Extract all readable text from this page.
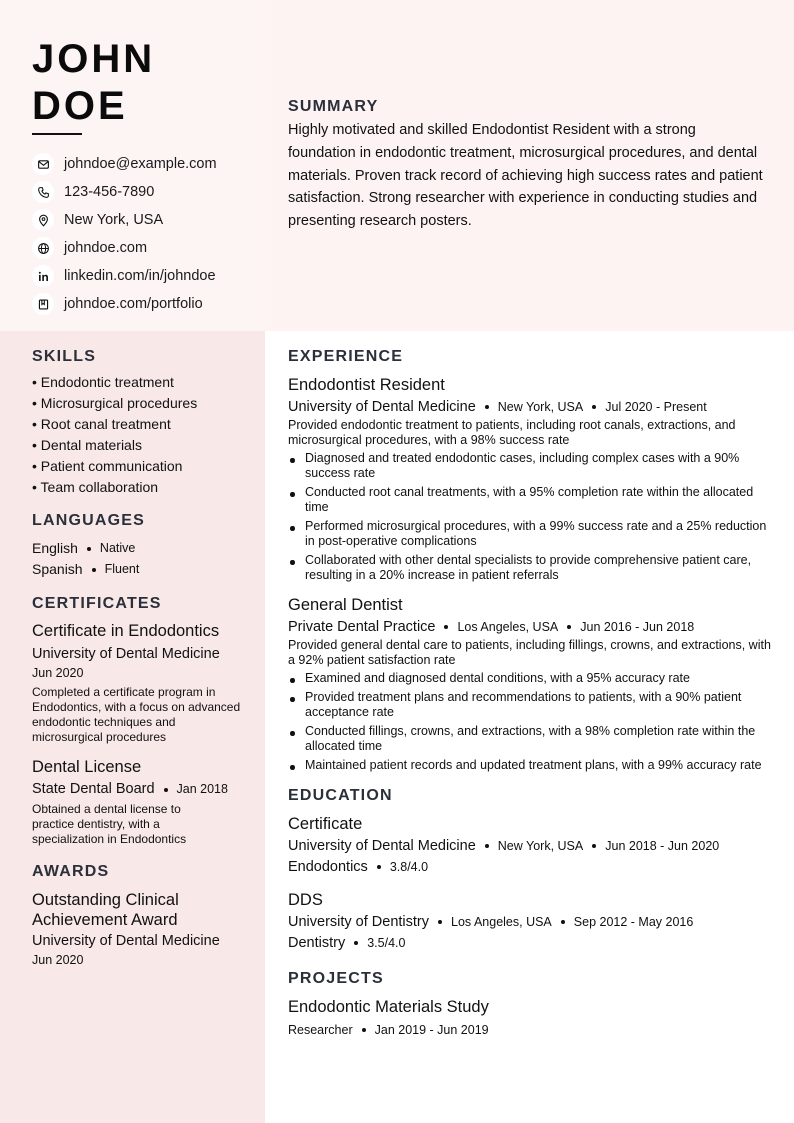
JOHN
DOE
johndoe@example.com
123-456-7890
New York, USA
johndoe.com
linkedin.com/in/johndoe
johndoe.com/portfolio
SUMMARY

Highly motivated and skilled Endodontist Resident with a strong foundation in endodontic treatment, microsurgical procedures, and dental materials. Proven track record of achieving high success rates and patient satisfaction. Strong researcher with experience in conducting studies and presenting research posters.

SKILLS
• Endodontic treatment
• Microsurgical procedures
• Root canal treatment
• Dental materials
• Patient communication
• Team collaboration
LANGUAGES
English Native
Spanish Fluent
CERTIFICATES
Certificate in Endodontics
University of Dental Medicine
Jun 2020
Completed a certificate program in Endodontics, with a focus on advanced endodontic techniques and microsurgical procedures
Dental License
State Dental Board Jan 2018
Obtained a dental license to practice dentistry, with a specialization in Endodontics
AWARDS
Outstanding Clinical Achievement Award
University of Dental Medicine
Jun 2020
EXPERIENCE
Endodontist Resident
University of Dental Medicine New York, USA Jul 2020 - Present
Provided endodontic treatment to patients, including root canals, extractions, and microsurgical procedures, with a 98% success rate
Diagnosed and treated endodontic cases, including complex cases with a 90% success rate
Conducted root canal treatments, with a 95% completion rate within the allocated time
Performed microsurgical procedures, with a 99% success rate and a 25% reduction in post-operative complications
Collaborated with other dental specialists to provide comprehensive patient care, resulting in a 20% increase in patient referrals
General Dentist
Private Dental Practice Los Angeles, USA Jun 2016 - Jun 2018
Provided general dental care to patients, including fillings, crowns, and extractions, with a 92% patient satisfaction rate
Examined and diagnosed dental conditions, with a 95% accuracy rate
Provided treatment plans and recommendations to patients, with a 90% patient acceptance rate
Conducted fillings, crowns, and extractions, with a 98% completion rate within the allocated time
Maintained patient records and updated treatment plans, with a 99% accuracy rate
EDUCATION
Certificate
University of Dental Medicine New York, USA Jun 2018 - Jun 2020
Endodontics 3.8/4.0
DDS
University of Dentistry Los Angeles, USA Sep 2012 - May 2016
Dentistry 3.5/4.0
PROJECTS
Endodontic Materials Study
Researcher Jan 2019 - Jun 2019
